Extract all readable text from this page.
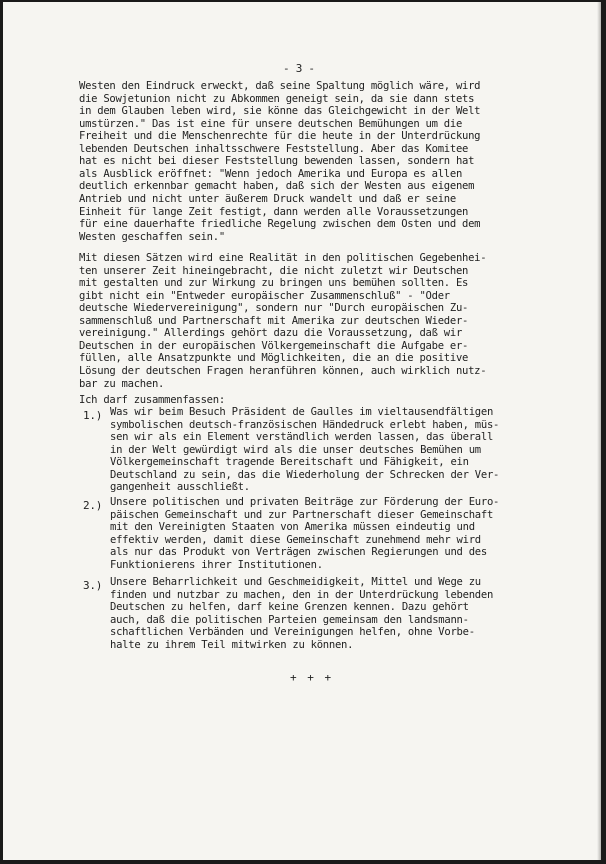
- 3 -
Westen den Eindruck erweckt, daß seine Spaltung möglich wäre, wird
die Sowjetunion nicht zu Abkommen geneigt sein, da sie dann stets
in dem Glauben leben wird, sie könne das Gleichgewicht in der Welt
umstürzen." Das ist eine für unsere deutschen Bemühungen um die
Freiheit und die Menschenrechte für die heute in der Unterdrückung
lebenden Deutschen inhaltsschwere Feststellung. Aber das Komitee
hat es nicht bei dieser Feststellung bewenden lassen, sondern hat
als Ausblick eröffnet: "Wenn jedoch Amerika und Europa es allen
deutlich erkennbar gemacht haben, daß sich der Westen aus eigenem
Antrieb und nicht unter äußerem Druck wandelt und daß er seine
Einheit für lange Zeit festigt, dann werden alle Voraussetzungen
für eine dauerhafte friedliche Regelung zwischen dem Osten und dem
Westen geschaffen sein."
Mit diesen Sätzen wird eine Realität in den politischen Gegebenhei-
ten unserer Zeit hineingebracht, die nicht zuletzt wir Deutschen
mit gestalten und zur Wirkung zu bringen uns bemühen sollten. Es
gibt nicht ein "Entweder europäischer Zusammenschluß" - "Oder
deutsche Wiedervereinigung", sondern nur "Durch europäischen Zu-
sammenschluß und Partnerschaft mit Amerika zur deutschen Wieder-
vereinigung." Allerdings gehört dazu die Voraussetzung, daß wir
Deutschen in der europäischen Völkergemeinschaft die Aufgabe er-
füllen, alle Ansatzpunkte und Möglichkeiten, die an die positive
Lösung der deutschen Fragen heranführen können, auch wirklich nutz-
bar zu machen.
Ich darf zusammenfassen:
1.) Was wir beim Besuch Präsident de Gaulles im vieltausendfältigen
symbolischen deutsch-französischen Händedruck erlebt haben, müs-
sen wir als ein Element verständlich werden lassen, das überall
in der Welt gewürdigt wird als die unser deutsches Bemühen um
Völkergemeinschaft tragende Bereitschaft und Fähigkeit, ein
Deutschland zu sein, das die Wiederholung der Schrecken der Ver-
gangenheit ausschließt.
2.) Unsere politischen und privaten Beiträge zur Förderung der Euro-
päischen Gemeinschaft und zur Partnerschaft dieser Gemeinschaft
mit den Vereinigten Staaten von Amerika müssen eindeutig und
effektiv werden, damit diese Gemeinschaft zunehmend mehr wird
als nur das Produkt von Verträgen zwischen Regierungen und des
Funktionierens ihrer Institutionen.
3.) Unsere Beharrlichkeit und Geschmeidigkeit, Mittel und Wege zu
finden und nutzbar zu machen, den in der Unterdrückung lebenden
Deutschen zu helfen, darf keine Grenzen kennen. Dazu gehört
auch, daß die politischen Parteien gemeinsam den landsmann-
schaftlichen Verbänden und Vereinigungen helfen, ohne Vorbe-
halte zu ihrem Teil mitwirken zu können.
+ + +
